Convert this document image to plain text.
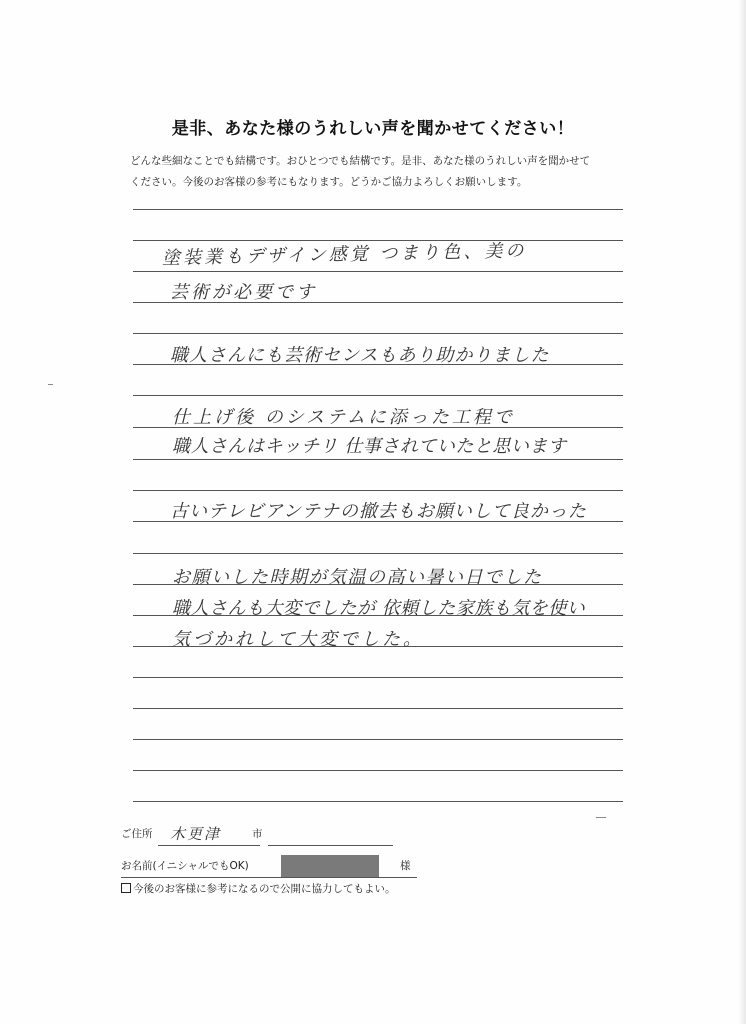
是非、あなた様のうれしい声を聞かせてください！
どんな些細なことでも結構です。おひとつでも結構です。是非、あなた様のうれしい声を聞かせて
ください。今後のお客様の参考にもなります。どうかご協力よろしくお願いします。
塗装業もデザイン感覚 つまり色、美の
芸術が必要です
職人さんにも芸術センスもあり助かりました
仕上げ後 のシステムに添った工程で
職人さんはキッチリ 仕事されていたと思います
古いテレビアンテナの撤去もお願いして良かった
お願いした時期が気温の高い暑い日でした
職人さんも大変でしたが 依頼した家族も気を使い
気づかれして大変でした。
ご住所 木更津	市
お名前(イニシャルでもOK)	様
今後のお客様に参考になるので公開に協力してもよい。
